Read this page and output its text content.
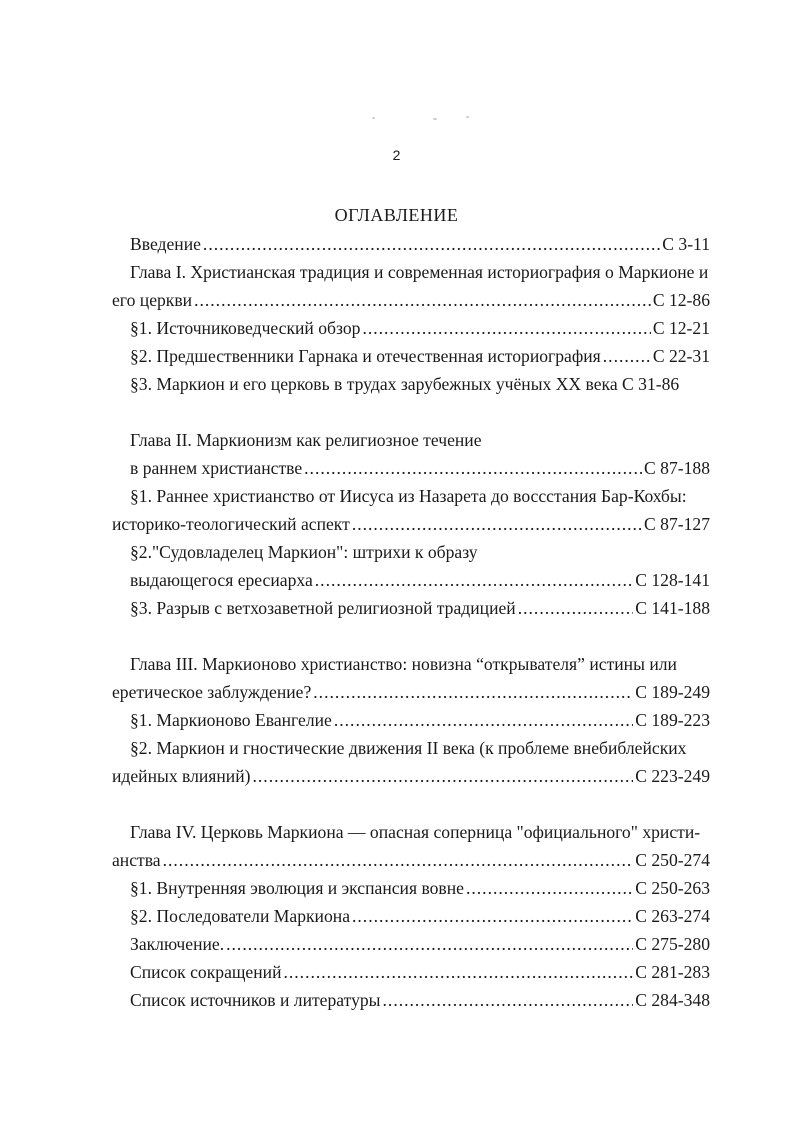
2
ОГЛАВЛЕНИЕ
Введение .....	С 3-11
Глава I. Христианская традиция и современная историография о Маркионе и
его церкви .....	С 12-86
§1. Источниковедческий обзор .....	С 12-21
§2. Предшественники Гарнака и отечественная историография .....	С 22-31
§3. Маркион и его церковь в трудах зарубежных учёных XX века С 31-86
Глава II. Маркионизм как религиозное течение
в раннем христианстве .....	С 87-188
§1. Раннее христианство от Иисуса из Назарета до воссстания Бар-Кохбы:
историко-теологический аспект .....	С 87-127
§2."Судовладелец Маркион": штрихи к образу
выдающегося ересиарха .....	С 128-141
§3. Разрыв с ветхозаветной религиозной традицией .....	С 141-188
Глава III. Маркионово христианство: новизна “открывателя” истины или
еретическое заблуждение? .....	С 189-249
§1. Маркионово Евангелие .....	С 189-223
§2. Маркион и гностические движения II века (к проблеме внебиблейских
идейных влияний) .....	С 223-249
Глава IV. Церковь Маркиона — опасная соперница "официального" христи-
анства .....	С 250-274
§1. Внутренняя эволюция и экспансия вовне .....	С 250-263
§2. Последователи Маркиона .....	С 263-274
Заключение. .....	С 275-280
Список сокращений .....	С 281-283
Список источников и литературы .....	С 284-348
